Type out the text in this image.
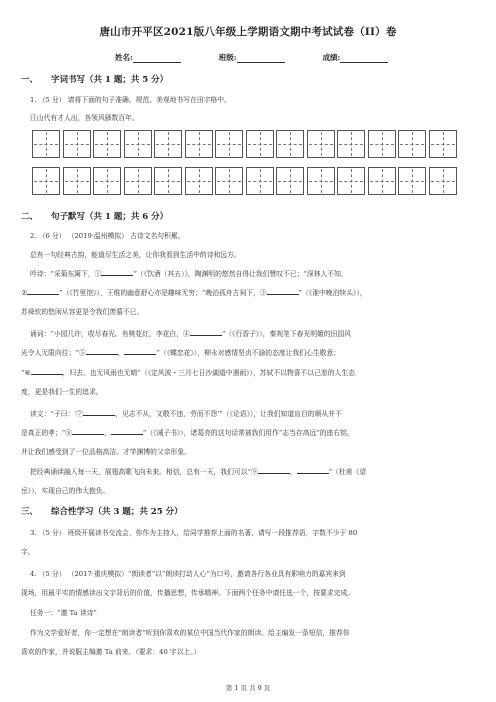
唐山市开平区2021版八年级上学期语文期中考试试卷（II）卷
姓名:	班级:	成绩:
一、 字词书写（共 1 题；共 5 分）
1. （5 分） 请将下面的句子准确、规范、美观地书写在田字格中。
江山代有才人出，各领风骚数百年。
二、 句子默写（共 1 题；共 6 分）
2. （6 分） （2019·温州模拟） 古诗文名句积累。
总有一句经典古韵，能道尽生活之美，让你我看到生活中的诗和远方。
吟诗：“采菊东篱下，①	”（《饮酒（其五）》，陶渊明的悠然自得让我们赞叹不已；“深林人不知，
②	”（《竹里馆》），王维的幽意舒心亦是趣味无穷；“晚泊孤舟古祠下，③	”（《淮中晚泊犊头》），
苏舜钦的悠闲从容更是令我们羡慕不已。
诵词：“小园几许，收尽春光。有桃花红，李花白，④	”（《行香子》），秦观笔下春光明媚的田园风
光令人无限向往；“⑤	，	”（《蝶恋花》），柳永对感情坚贞不渝的态度让我们心生敬意；
“⑥	，归去，也无风雨也无晴”（《定风波・三月七日沙湖道中遇雨》），苏轼不以物喜不以己悲的人生态
度，更是我们一生的追求。
读文：“子曰：‘⑦	，见志不从，又敬不违，劳而不怨’”（《论语》），让我们知道盲目的顺从并不
是真正的孝；“⑧	，	”（《诫子书》），诸葛亮的这句话常被我们用作“志当存高远”的座右铭，
并让我们感受到了一位品格高洁、才学渊博的父亲形象。
把经典诵读融入每一天，展翅高歌飞向未来。相信，总有一天，我们可以“⑨	，	”（杜甫《望
岳》），实现自己的伟大抱负。
三、 综合性学习（共 3 题；共 25 分）
3. （5 分） 班级开展读书交流会，你作为主持人，给同学推荐上面的名著，请写一段推荐语，字数不少于 80
字。
4. （5 分） （2017·重庆模拟）“朗读者”以“朗读打动人心”为口号，邀请各行各业具有影响力的嘉宾来到
现场，用最平实的情感读出文字背后的价值，传播思想，传承精神。下面两个任务中请任选一个，按要求完成。
任务一：“邀 Ta 读诗”
作为文学爱好者，你一定想在“朗读者”听到你喜欢的某位中国当代作家的朗读。给主编发一条短信，推荐你
喜欢的作家，并说服主编邀 Ta 前来。（要求：40 字以上。）
第 1 页 共 9 页
